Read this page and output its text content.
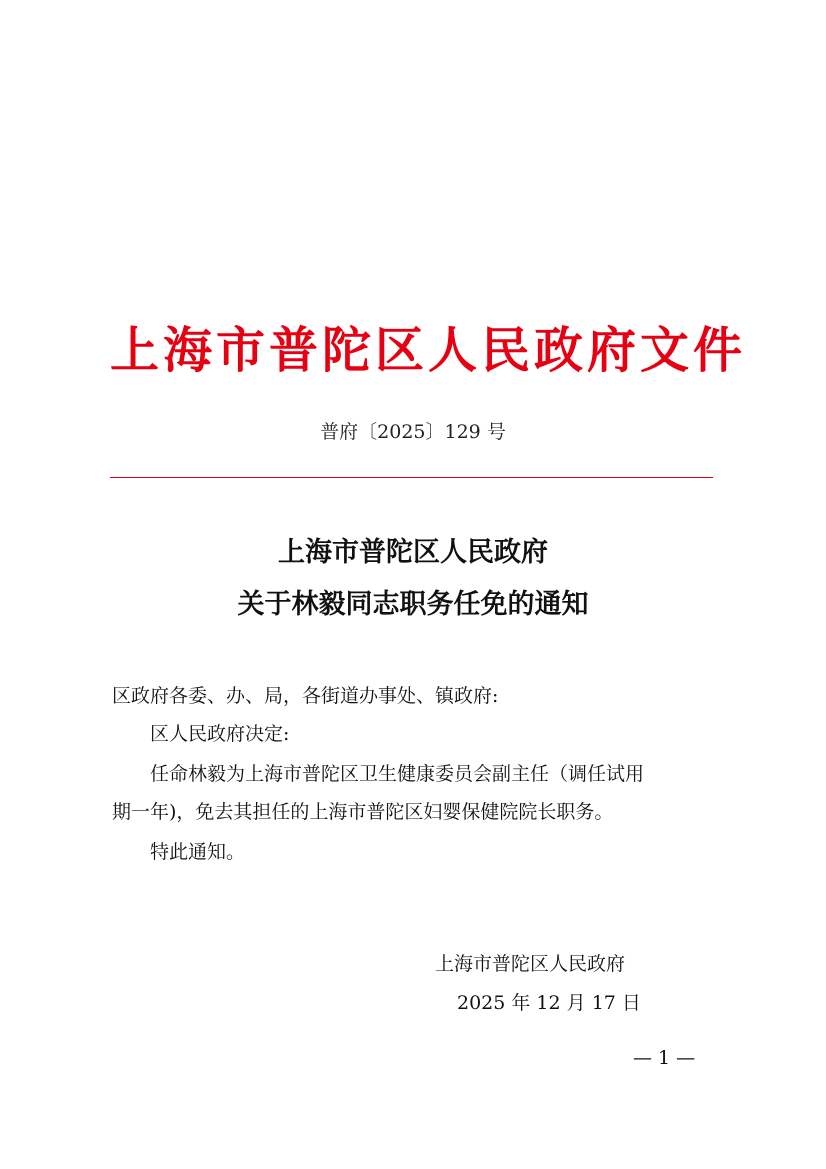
上海市普陀区人民政府文件
普府〔2025〕129 号
上海市普陀区人民政府
关于林毅同志职务任免的通知
区政府各委、办、局，各街道办事处、镇政府:
区人民政府决定:
任命林毅为上海市普陀区卫生健康委员会副主任（调任试用
期一年)，免去其担任的上海市普陀区妇婴保健院院长职务。
特此通知。
上海市普陀区人民政府
2025 年 12 月 17 日
— 1 —
